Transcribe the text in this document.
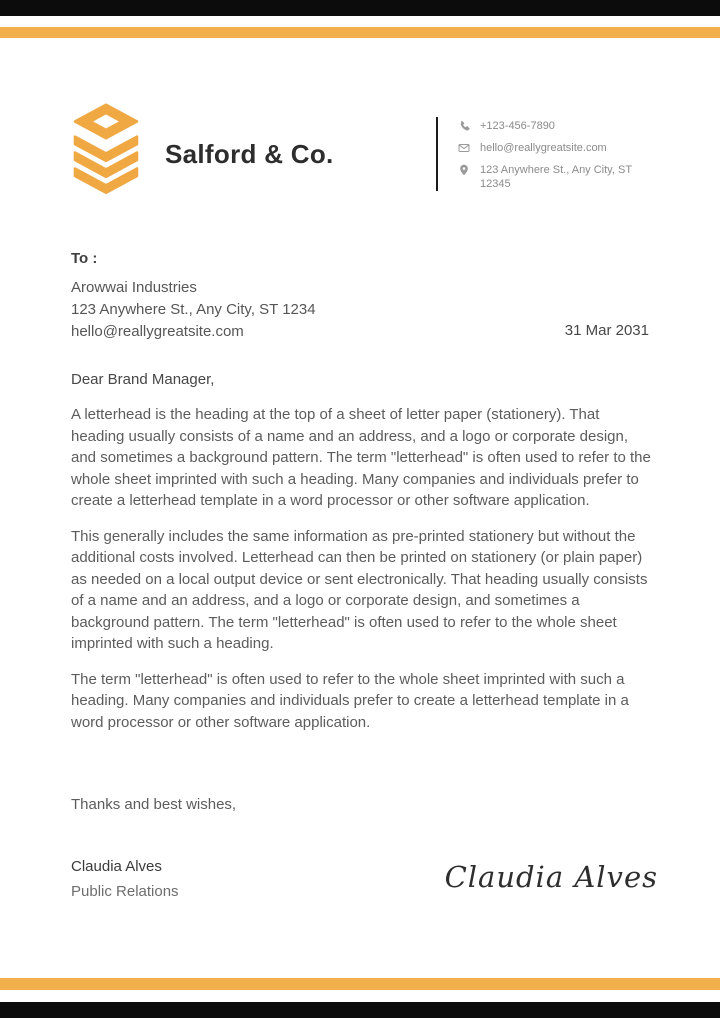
Salford & Co.
+123-456-7890
hello@reallygreatsite.com
123 Anywhere St., Any City, ST
12345
To :
Arowwai Industries
123 Anywhere St., Any City, ST 1234
hello@reallygreatsite.com	31 Mar 2031
Dear Brand Manager,

A letterhead is the heading at the top of a sheet of letter paper (stationery). That heading usually consists of a name and an address, and a logo or corporate design, and sometimes a background pattern. The term "letterhead" is often used to refer to the whole sheet imprinted with such a heading. Many companies and individuals prefer to create a letterhead template in a word processor or other software application.

This generally includes the same information as pre-printed stationery but without the additional costs involved. Letterhead can then be printed on stationery (or plain paper) as needed on a local output device or sent electronically. That heading usually consists of a name and an address, and a logo or corporate design, and sometimes a background pattern. The term "letterhead" is often used to refer to the whole sheet imprinted with such a heading.

The term "letterhead" is often used to refer to the whole sheet imprinted with such a heading. Many companies and individuals prefer to create a letterhead template in a word processor or other software application.

Thanks and best wishes,
Claudia Alves
Public Relations	Claudia Alves
